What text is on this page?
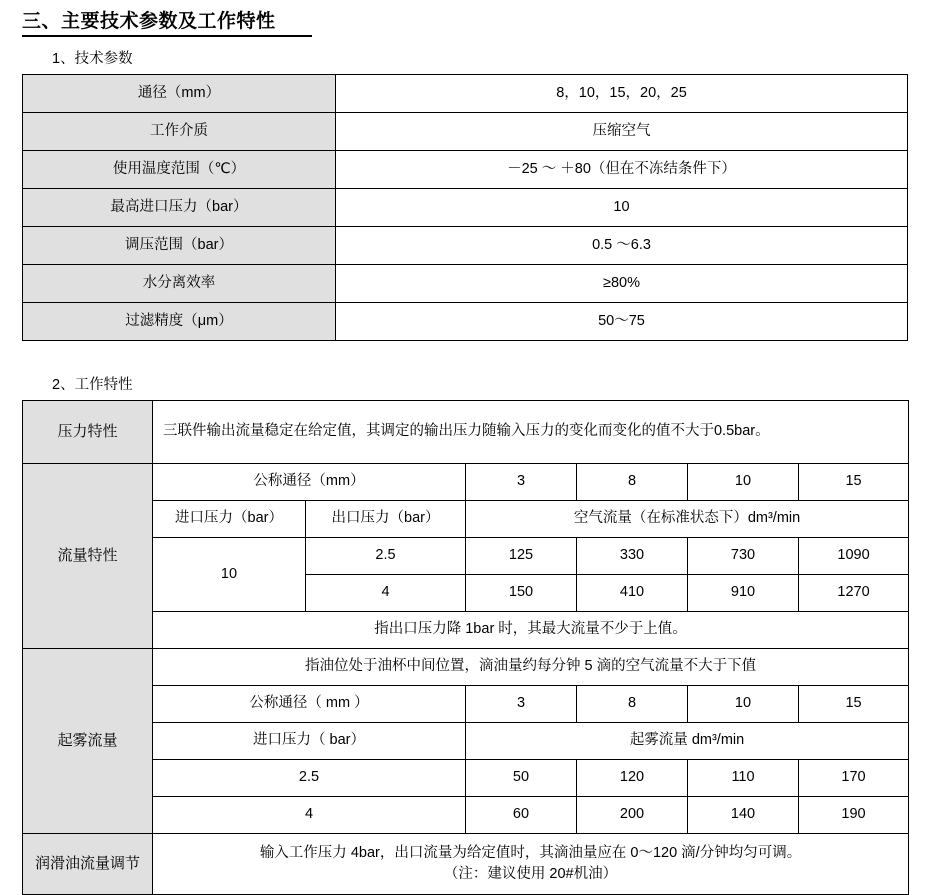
三、主要技术参数及工作特性
1、技术参数
通径（mm）	8，10，15，20，25
工作介质	压缩空气
使用温度范围（℃）	－25 ～ ＋80（但在不冻结条件下）
最高进口压力（bar）	10
调压范围（bar）	0.5 ～6.3
水分离效率	≥80%
过滤精度（μm）	50～75
2、工作特性
压力特性	三联件输出流量稳定在给定值，其调定的输出压力随输入压力的变化而变化的值不大于0.5bar。					
流量特性	公称通径（mm）		3	8	10	15
	进口压力（bar）	出口压力（bar）	空气流量（在标准状态下）dm³/min			
	10	2.5	125	330	730	1090
		4	150	410	910	1270
	指出口压力降 1bar 时，其最大流量不少于上值。					
起雾流量	指油位处于油杯中间位置，滴油量约每分钟 5 滴的空气流量不大于下值					
	公称通径（ mm ）		3	8	10	15
	进口压力（ bar）		起雾流量 dm³/min			
	2.5		50	120	110	170
	4		60	200	140	190
润滑油流量调节	输入工作压力 4bar，出口流量为给定值时，其滴油量应在 0～120 滴/分钟均匀可调。
（注：建议使用 20#机油）					
